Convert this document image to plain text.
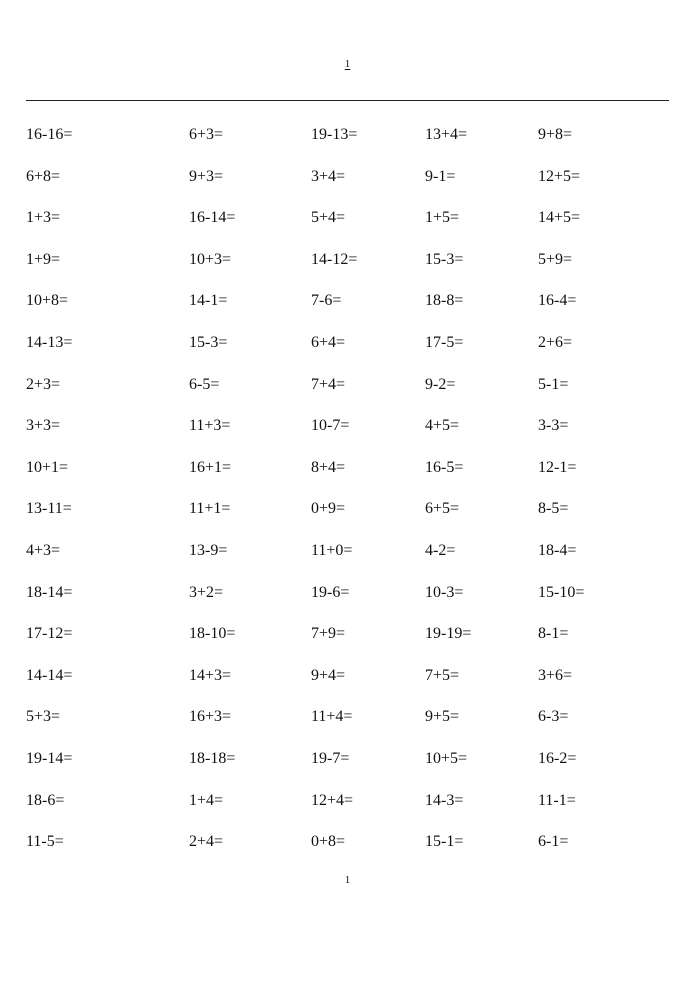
1
16-16=	6+3=	19-13=	13+4=	9+8=
6+8=	9+3=	3+4=	9-1=	12+5=
1+3=	16-14=	5+4=	1+5=	14+5=
1+9=	10+3=	14-12=	15-3=	5+9=
10+8=	14-1=	7-6=	18-8=	16-4=
14-13=	15-3=	6+4=	17-5=	2+6=
2+3=	6-5=	7+4=	9-2=	5-1=
3+3=	11+3=	10-7=	4+5=	3-3=
10+1=	16+1=	8+4=	16-5=	12-1=
13-11=	11+1=	0+9=	6+5=	8-5=
4+3=	13-9=	11+0=	4-2=	18-4=
18-14=	3+2=	19-6=	10-3=	15-10=
17-12=	18-10=	7+9=	19-19=	8-1=
14-14=	14+3=	9+4=	7+5=	3+6=
5+3=	16+3=	11+4=	9+5=	6-3=
19-14=	18-18=	19-7=	10+5=	16-2=
18-6=	1+4=	12+4=	14-3=	11-1=
11-5=	2+4=	0+8=	15-1=	6-1=
1
